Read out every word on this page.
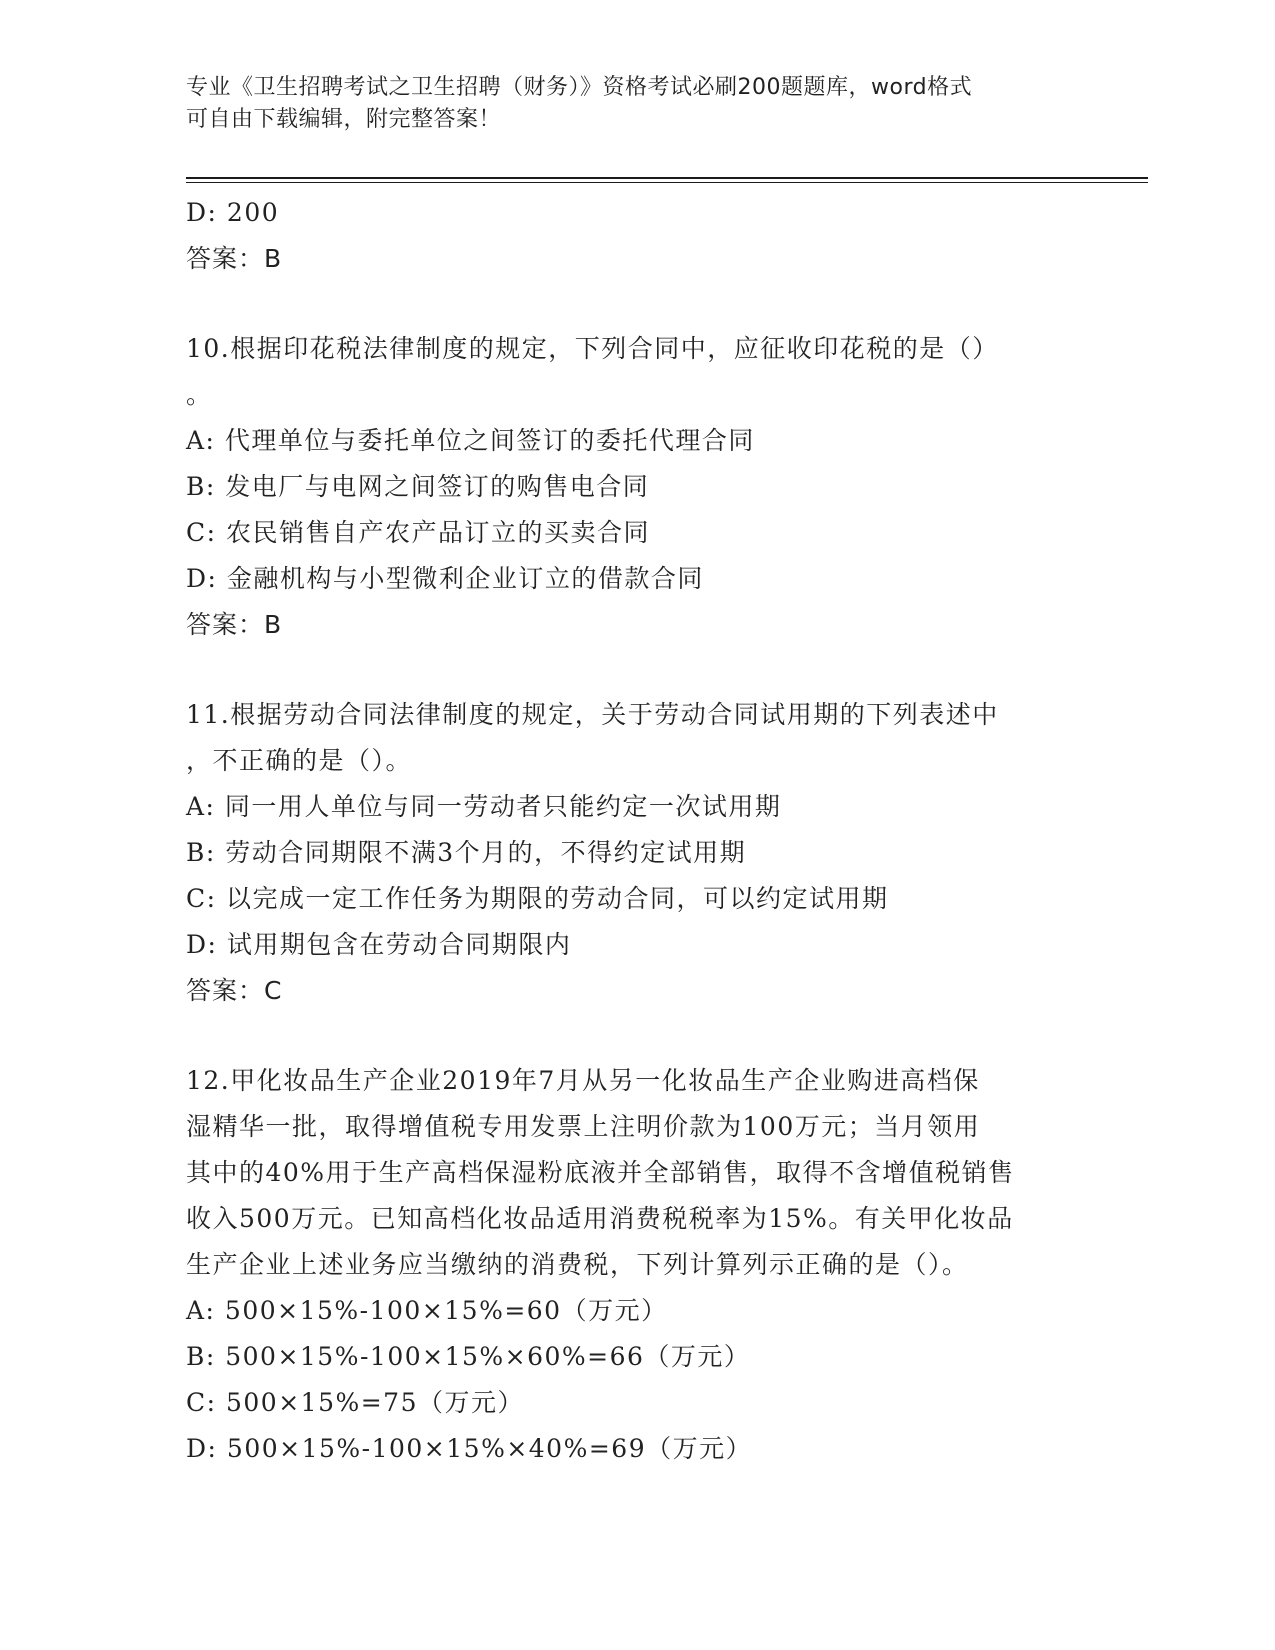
专业《卫生招聘考试之卫生招聘（财务）》资格考试必刷200题题库，word格式
可自由下载编辑，附完整答案！
D: 200
答案：B
10.根据印花税法律制度的规定，下列合同中，应征收印花税的是（）
。
A: 代理单位与委托单位之间签订的委托代理合同
B: 发电厂与电网之间签订的购售电合同
C: 农民销售自产农产品订立的买卖合同
D: 金融机构与小型微利企业订立的借款合同
答案：B
11.根据劳动合同法律制度的规定，关于劳动合同试用期的下列表述中
，不正确的是（）。
A: 同一用人单位与同一劳动者只能约定一次试用期
B: 劳动合同期限不满3个月的，不得约定试用期
C: 以完成一定工作任务为期限的劳动合同，可以约定试用期
D: 试用期包含在劳动合同期限内
答案：C
12.甲化妆品生产企业2019年7月从另一化妆品生产企业购进高档保
湿精华一批，取得增值税专用发票上注明价款为100万元；当月领用
其中的40%用于生产高档保湿粉底液并全部销售，取得不含增值税销售
收入500万元。已知高档化妆品适用消费税税率为15%。有关甲化妆品
生产企业上述业务应当缴纳的消费税，下列计算列示正确的是（）。
A: 500×15%-100×15%=60（万元）
B: 500×15%-100×15%×60%=66（万元）
C: 500×15%=75（万元）
D: 500×15%-100×15%×40%=69（万元）
